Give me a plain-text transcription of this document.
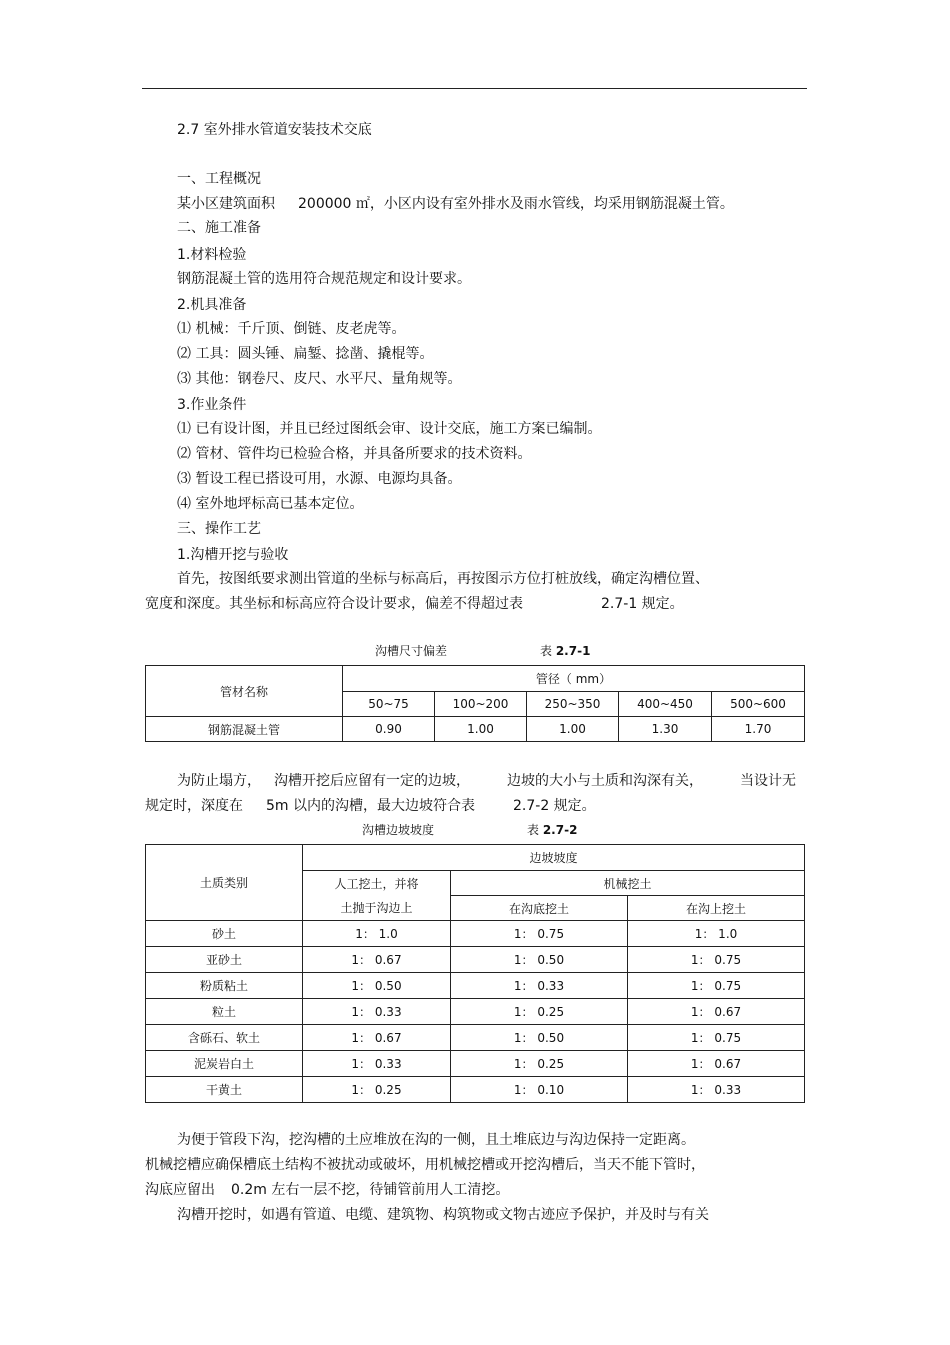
2.7 室外排水管道安装技术交底
一、工程概况
某小区建筑面积 200000 ㎡，小区内设有室外排水及雨水管线，均采用钢筋混凝土管。
二、施工准备
1.材料检验
钢筋混凝土管的选用符合规范规定和设计要求。
2.机具准备
⑴ 机械：千斤顶、倒链、皮老虎等。
⑵ 工具：圆头锤、扁錾、捻凿、撬棍等。
⑶ 其他：钢卷尺、皮尺、水平尺、量角规等。
3.作业条件
⑴ 已有设计图，并且已经过图纸会审、设计交底，施工方案已编制。
⑵ 管材、管件均已检验合格，并具备所要求的技术资料。
⑶ 暂设工程已搭设可用，水源、电源均具备。
⑷ 室外地坪标高已基本定位。
三、操作工艺
1.沟槽开挖与验收
首先，按图纸要求测出管道的坐标与标高后，再按图示方位打桩放线，确定沟槽位置、
宽度和深度。其坐标和标高应符合设计要求，偏差不得超过表	2.7-1 规定。
沟槽尺寸偏差	表 2.7-1
管材名称	管径（ mm）				
	50~75	100~200	250~350	400~450	500~600
钢筋混凝土管	0.90	1.00	1.00	1.30	1.70
为防止塌方， 沟槽开挖后应留有一定的边坡，	边坡的大小与土质和沟深有关，	当设计无
规定时，深度在 5m 以内的沟槽，最大边坡符合表	2.7-2 规定。
沟槽边坡坡度	表 2.7-2
土质类别	边坡坡度		
	人工挖土，并将	机械挖土	
	土抛于沟边上	在沟底挖土	在沟上挖土
砂土	1： 1.0	1： 0.75	1： 1.0
亚砂土	1： 0.67	1： 0.50	1： 0.75
粉质粘土	1： 0.50	1： 0.33	1： 0.75
粒土	1： 0.33	1： 0.25	1： 0.67
含砾石、软土	1： 0.67	1： 0.50	1： 0.75
泥炭岩白土	1： 0.33	1： 0.25	1： 0.67
干黄土	1： 0.25	1： 0.10	1： 0.33
为便于管段下沟，挖沟槽的土应堆放在沟的一侧，且土堆底边与沟边保持一定距离。
机械挖槽应确保槽底土结构不被扰动或破坏，用机械挖槽或开挖沟槽后，当天不能下管时，
沟底应留出 0.2m 左右一层不挖，待铺管前用人工清挖。
沟槽开挖时，如遇有管道、电缆、建筑物、构筑物或文物古迹应予保护，并及时与有关
